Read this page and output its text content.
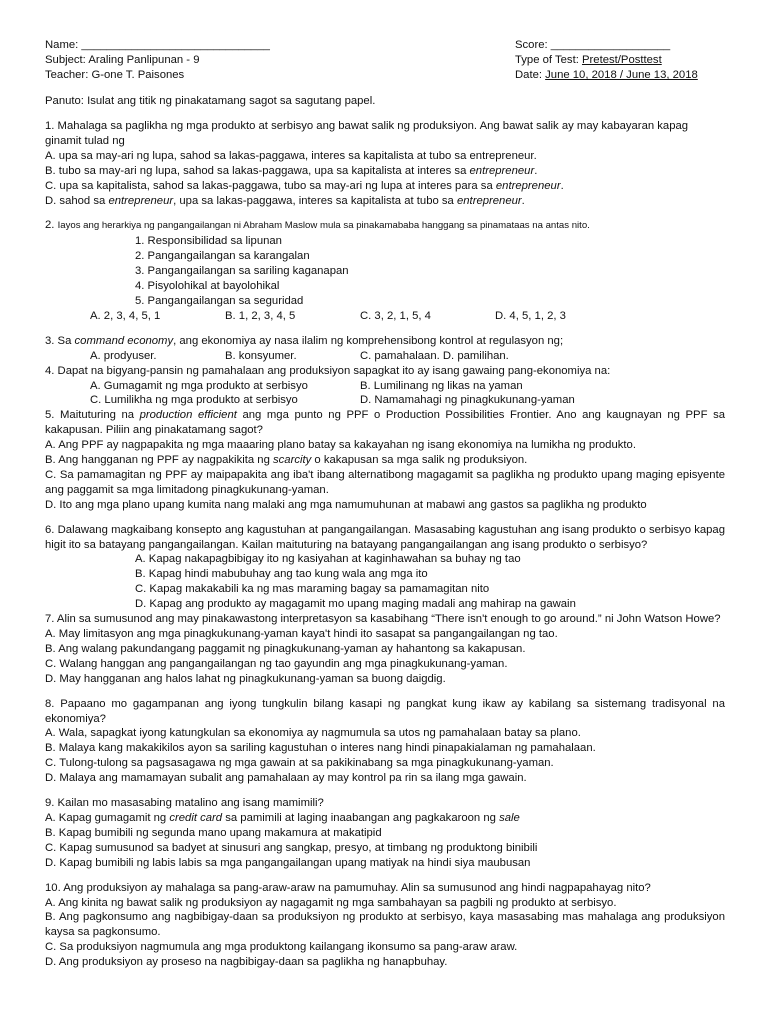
Name: ______________________________
Subject: Araling Panlipunan - 9
Teacher: G-one T. Paisones
Score: ___________________
Type of Test: Pretest/Posttest
Date: June 10, 2018 / June 13, 2018
Panuto: Isulat ang titik ng pinakatamang sagot sa sagutang papel.
1. Mahalaga sa paglikha ng mga produkto at serbisyo ang bawat salik ng produksiyon. Ang bawat salik ay may kabayaran kapag ginamit tulad ng
A. upa sa may-ari ng lupa, sahod sa lakas-paggawa, interes sa kapitalista at tubo sa entrepreneur.
B. tubo sa may-ari ng lupa, sahod sa lakas-paggawa, upa sa kapitalista at interes sa entrepreneur.
C. upa sa kapitalista, sahod sa lakas-paggawa, tubo sa may-ari ng lupa at interes para sa entrepreneur.
D. sahod sa entrepreneur, upa sa lakas-paggawa, interes sa kapitalista at tubo sa entrepreneur.
2. Iayos ang herarkiya ng pangangailangan ni Abraham Maslow mula sa pinakamababa hanggang sa pinamataas na antas nito.
1. Responsibilidad sa lipunan
2. Pangangailangan sa karangalan
3. Pangangailangan sa sariling kaganapan
4. Pisyolohikal at bayolohikal
5. Pangangailangan sa seguridad
A. 2, 3, 4, 5, 1	B. 1, 2, 3, 4, 5	C. 3, 2, 1, 5, 4	D. 4, 5, 1, 2, 3
3. Sa command economy, ang ekonomiya ay nasa ilalim ng komprehensibong kontrol at regulasyon ng;
A. prodyuser.	B. konsyumer.	C. pamahalaan. D. pamilihan.
4. Dapat na bigyang-pansin ng pamahalaan ang produksiyon sapagkat ito ay isang gawaing pang-ekonomiya na:
A. Gumagamit ng mga produkto at serbisyo	B. Lumilinang ng likas na yaman
C. Lumilikha ng mga produkto at serbisyo	D. Namamahagi ng pinagkukunang-yaman
5. Maituturing na production efficient ang mga punto ng PPF o Production Possibilities Frontier. Ano ang kaugnayan ng PPF sa kakapusan. Piliin ang pinakatamang sagot?
A. Ang PPF ay nagpapakita ng mga maaaring plano batay sa kakayahan ng isang ekonomiya na lumikha ng produkto.
B. Ang hangganan ng PPF ay nagpakikita ng scarcity o kakapusan sa mga salik ng produksiyon.
C. Sa pamamagitan ng PPF ay maipapakita ang iba't ibang alternatibong magagamit sa paglikha ng produkto upang maging episyente ang paggamit sa mga limitadong pinagkukunang-yaman.
D. Ito ang mga plano upang kumita nang malaki ang mga namumuhunan at mabawi ang gastos sa paglikha ng produkto
6. Dalawang magkaibang konsepto ang kagustuhan at pangangailangan. Masasabing kagustuhan ang isang produkto o serbisyo kapag higit ito sa batayang pangangailangan. Kailan maituturing na batayang pangangailangan ang isang produkto o serbisyo?
A. Kapag nakapagbibigay ito ng kasiyahan at kaginhawahan sa buhay ng tao
B. Kapag hindi mabubuhay ang tao kung wala ang mga ito
C. Kapag makakabili ka ng mas maraming bagay sa pamamagitan nito
D. Kapag ang produkto ay magagamit mo upang maging madali ang mahirap na gawain
7. Alin sa sumusunod ang may pinakawastong interpretasyon sa kasabihang “There isn't enough to go around.” ni John Watson Howe?
A. May limitasyon ang mga pinagkukunang-yaman kaya't hindi ito sasapat sa pangangailangan ng tao.
B. Ang walang pakundangang paggamit ng pinagkukunang-yaman ay hahantong sa kakapusan.
C. Walang hanggan ang pangangailangan ng tao gayundin ang mga pinagkukunang-yaman.
D. May hangganan ang halos lahat ng pinagkukunang-yaman sa buong daigdig.
8. Papaano mo gagampanan ang iyong tungkulin bilang kasapi ng pangkat kung ikaw ay kabilang sa sistemang tradisyonal na ekonomiya?
A. Wala, sapagkat iyong katungkulan sa ekonomiya ay nagmumula sa utos ng pamahalaan batay sa plano.
B. Malaya kang makakikilos ayon sa sariling kagustuhan o interes nang hindi pinapakialaman ng pamahalaan.
C. Tulong-tulong sa pagsasagawa ng mga gawain at sa pakikinabang sa mga pinagkukunang-yaman.
D. Malaya ang mamamayan subalit ang pamahalaan ay may kontrol pa rin sa ilang mga gawain.
9. Kailan mo masasabing matalino ang isang mamimili?
A. Kapag gumagamit ng credit card sa pamimili at laging inaabangan ang pagkakaroon ng sale
B. Kapag bumibili ng segunda mano upang makamura at makatipid
C. Kapag sumusunod sa badyet at sinusuri ang sangkap, presyo, at timbang ng produktong binibili
D. Kapag bumibili ng labis labis sa mga pangangailangan upang matiyak na hindi siya maubusan
10. Ang produksiyon ay mahalaga sa pang-araw-araw na pamumuhay. Alin sa sumusunod ang hindi nagpapahayag nito?
A. Ang kinita ng bawat salik ng produksiyon ay nagagamit ng mga sambahayan sa pagbili ng produkto at serbisyo.
B. Ang pagkonsumo ang nagbibigay-daan sa produksiyon ng produkto at serbisyo, kaya masasabing mas mahalaga ang produksiyon kaysa sa pagkonsumo.
C. Sa produksiyon nagmumula ang mga produktong kailangang ikonsumo sa pang-araw araw.
D. Ang produksiyon ay proseso na nagbibigay-daan sa paglikha ng hanapbuhay.
